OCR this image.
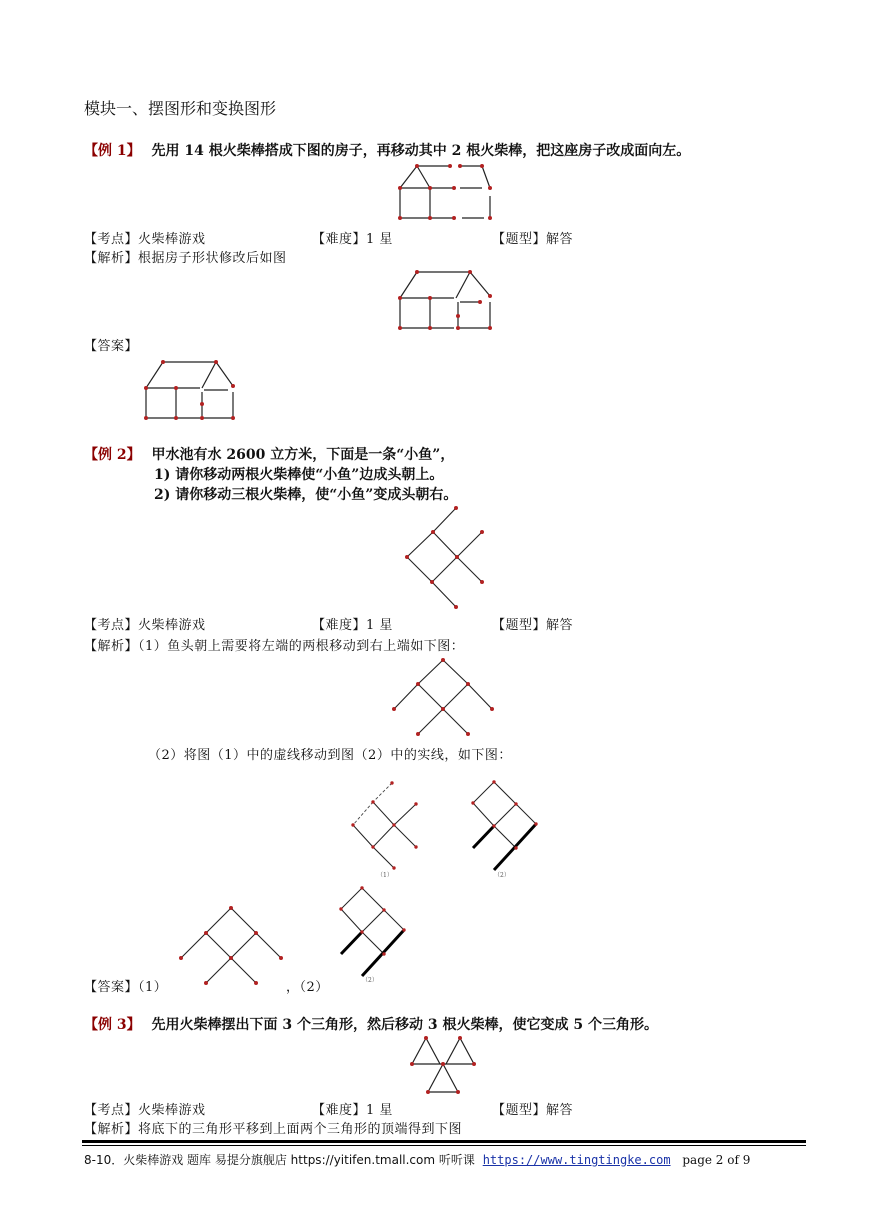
模块一、摆图形和变换图形
【例 1】 先用 14 根火柴棒搭成下图的房子，再移动其中 2 根火柴棒，把这座房子改成面向左。
【考点】火柴棒游戏	【难度】1 星	【题型】解答
【解析】根据房子形状修改后如图
【答案】
【例 2】 甲水池有水 2600 立方米，下面是一条“小鱼”，
1) 请你移动两根火柴棒使“小鱼”边成头朝上。
2) 请你移动三根火柴棒，使“小鱼”变成头朝右。
【考点】火柴棒游戏	【难度】1 星	【题型】解答
【解析】（1）鱼头朝上需要将左端的两根移动到右上端如下图：
（2）将图（1）中的虚线移动到图（2）中的实线，如下图：
（1）	（2）
（2）
【答案】（1）	，（2）
【例 3】 先用火柴棒摆出下面 3 个三角形，然后移动 3 根火柴棒，使它变成 5 个三角形。
【考点】火柴棒游戏	【难度】1 星	【题型】解答
【解析】将底下的三角形平移到上面两个三角形的顶端得到下图
8-10．火柴棒游戏 题库 易提分旗舰店 https://yitifen.tmall.com 听听课 https://www.tingtingke.com page 2 of 9
